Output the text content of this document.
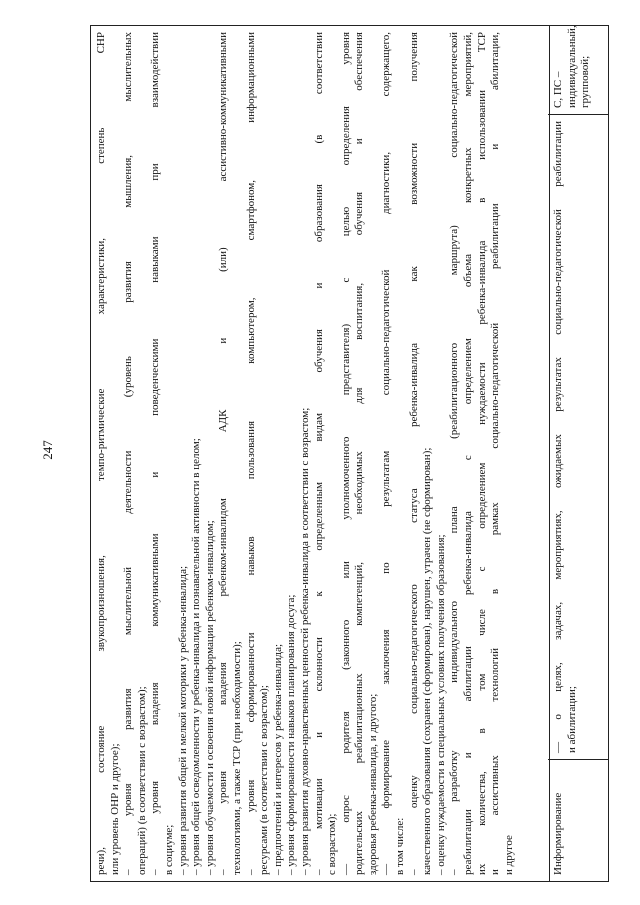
247	речи), состояние звукопроизношения, темпо-ритмические характеристики, степень СНР или уровень ОНР и другое); – уровня развития мыслительной деятельности (уровень развития мышления, мыслительных операций) (в соответствии с возрастом); – уровня владения коммуникативными и поведенческими навыками при взаимодействии в социуме; – уровня развития общей и мелкой моторики у ребенка-инвалида; – уровня общей осведомленности у ребенка-инвалида и познавательной активности в целом; – уровня обучаемости и освоения новой информации ребенком-инвалидом; – уровня владения ребенком-инвалидом АДК и (или) ассистивно-коммуникативными технологиями, а также ТСР (при необходимости); – уровня сформированности навыков пользования компьютером, смартфоном, информационными ресурсами (в соответствии с возрастом); – предпочтений и интересов у ребенка-инвалида; – уровня сформированности навыков планирования досуга; – уровня развития духовно-нравственных ценностей ребенка-инвалида в соответствии с возрастом; – мотивации и склонности к определенным видам обучения и образования (в соответствии с возрастом); — опрос родителя (законного или уполномоченного представителя) с целью определения уровня родительских реабилитационных компетенций, необходимых для воспитания, обучения и обеспечения здоровья ребенка-инвалида, и другого; — формирование заключения по результатам социально-педагогической диагностики, содержащего, в том числе: – оценку социально-педагогического статуса ребенка-инвалида как возможности получения качественного образования (сохранен (сформирован), нарушен, утрачен (не сформирован); – оценку нуждаемости в специальных условиях получения образования; – разработку индивидуального плана (реабилитационного маршрута) социально-педагогической реабилитации и абилитации ребенка-инвалида с определением объема конкретных мероприятий, их количества, в том числе с определением нуждаемости ребенка-инвалида в использовании ТСР и ассистивных технологий в рамках социально-педагогической реабилитации и абилитации, и другое	Информирование
— о целях, задачах, мероприятиях, ожидаемых результатах социально-педагогической реабилитации и абилитации;
С, ПС – индивидуальный, групповой;
